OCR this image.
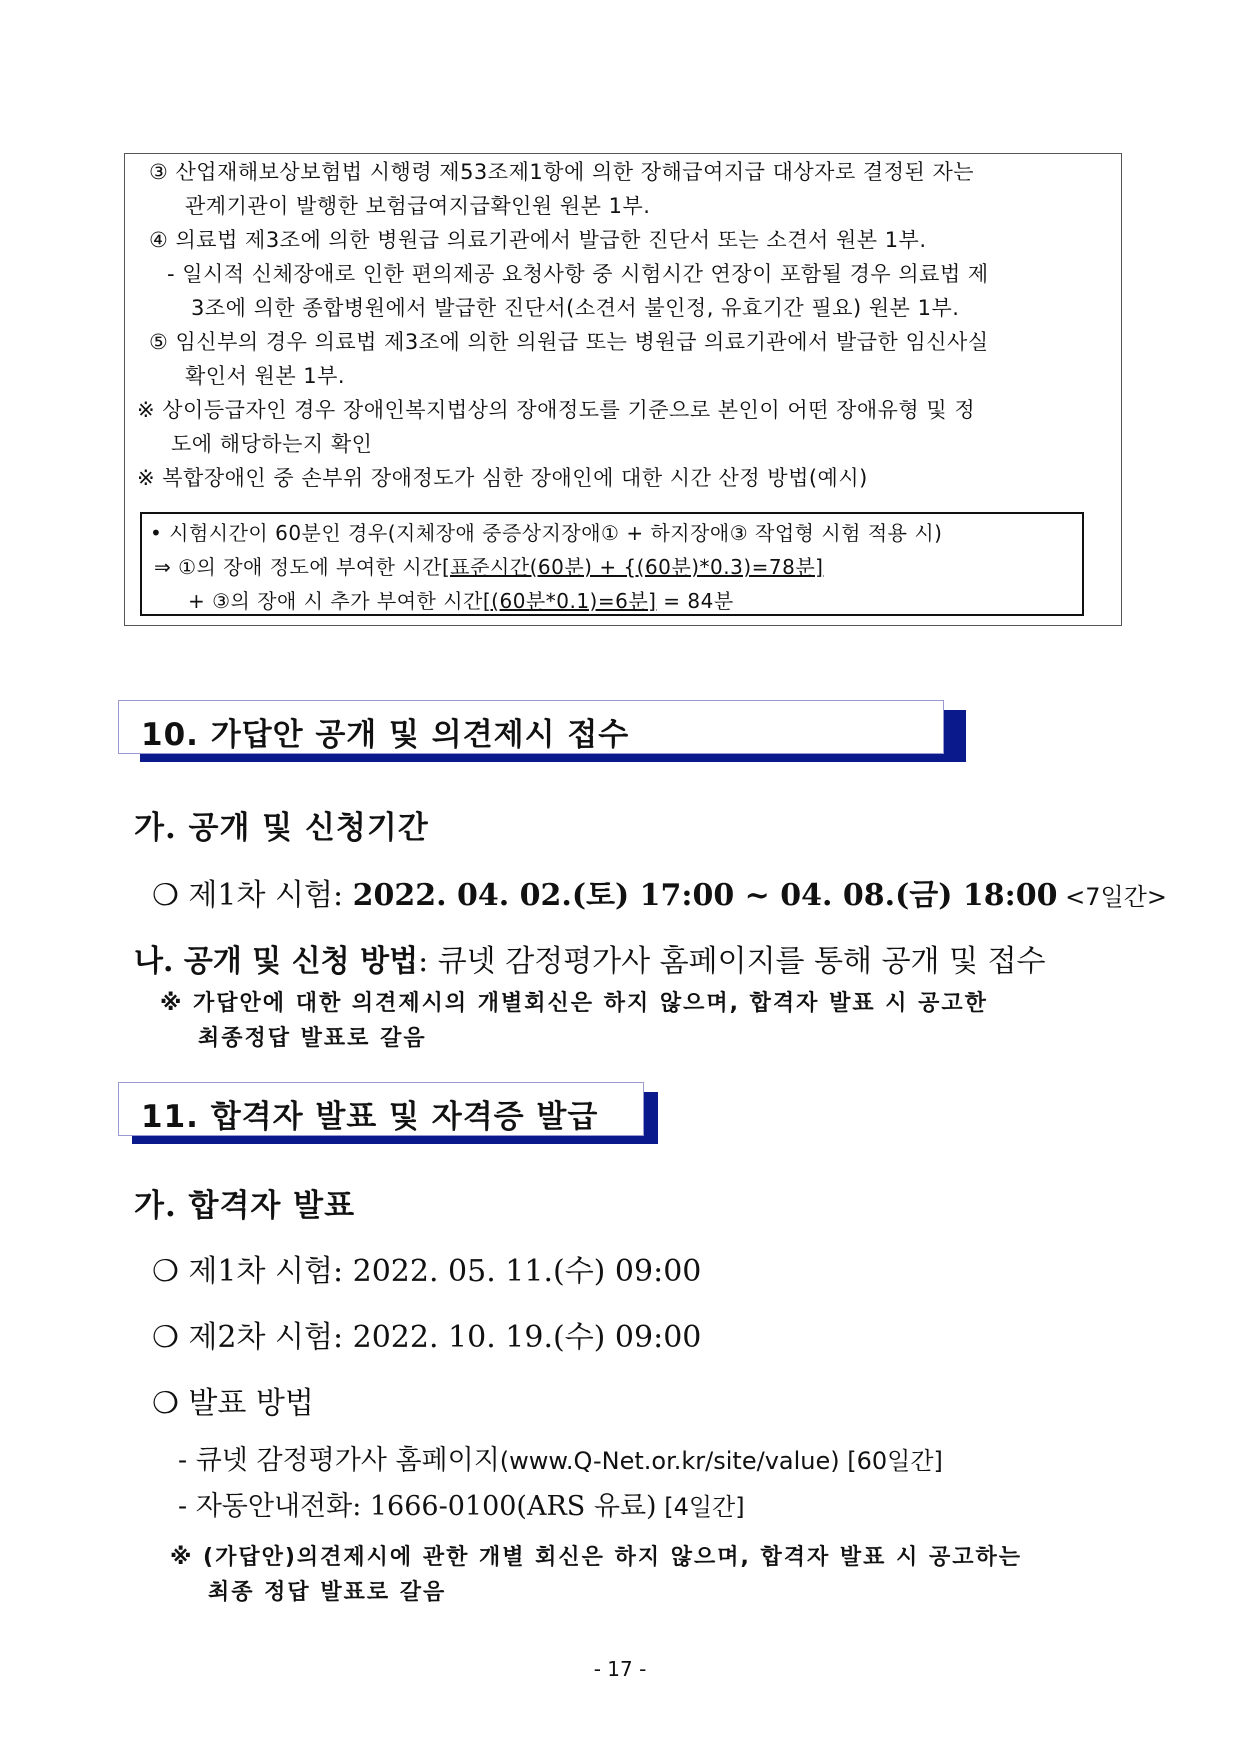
③ 산업재해보상보험법 시행령 제53조제1항에 의한 장해급여지급 대상자로 결정된 자는
관계기관이 발행한 보험급여지급확인원 원본 1부.
④ 의료법 제3조에 의한 병원급 의료기관에서 발급한 진단서 또는 소견서 원본 1부.
- 일시적 신체장애로 인한 편의제공 요청사항 중 시험시간 연장이 포함될 경우 의료법 제
3조에 의한 종합병원에서 발급한 진단서(소견서 불인정, 유효기간 필요) 원본 1부.
⑤ 임신부의 경우 의료법 제3조에 의한 의원급 또는 병원급 의료기관에서 발급한 임신사실
확인서 원본 1부.
※ 상이등급자인 경우 장애인복지법상의 장애정도를 기준으로 본인이 어떤 장애유형 및 정
도에 해당하는지 확인
※ 복합장애인 중 손부위 장애정도가 심한 장애인에 대한 시간 산정 방법(예시)
• 시험시간이 60분인 경우(지체장애 중증상지장애① + 하지장애③ 작업형 시험 적용 시)
⇒ ①의 장애 정도에 부여한 시간[표준시간(60분) + {(60분)*0.3)=78분]
+ ③의 장애 시 추가 부여한 시간[(60분*0.1)=6분] = 84분
10. 가답안 공개 및 의견제시 접수
가. 공개 및 신청기간
❍ 제1차 시험: 2022. 04. 02.(토) 17:00 ~ 04. 08.(금) 18:00 <7일간>
나. 공개 및 신청 방법: 큐넷 감정평가사 홈페이지를 통해 공개 및 접수
※ 가답안에 대한 의견제시의 개별회신은 하지 않으며, 합격자 발표 시 공고한
최종정답 발표로 갈음
11. 합격자 발표 및 자격증 발급
가. 합격자 발표
❍ 제1차 시험: 2022. 05. 11.(수) 09:00
❍ 제2차 시험: 2022. 10. 19.(수) 09:00
❍ 발표 방법
- 큐넷 감정평가사 홈페이지(www.Q-Net.or.kr/site/value) [60일간]
- 자동안내전화: 1666-0100(ARS 유료) [4일간]
※ (가답안)의견제시에 관한 개별 회신은 하지 않으며, 합격자 발표 시 공고하는
최종 정답 발표로 갈음
- 17 -
